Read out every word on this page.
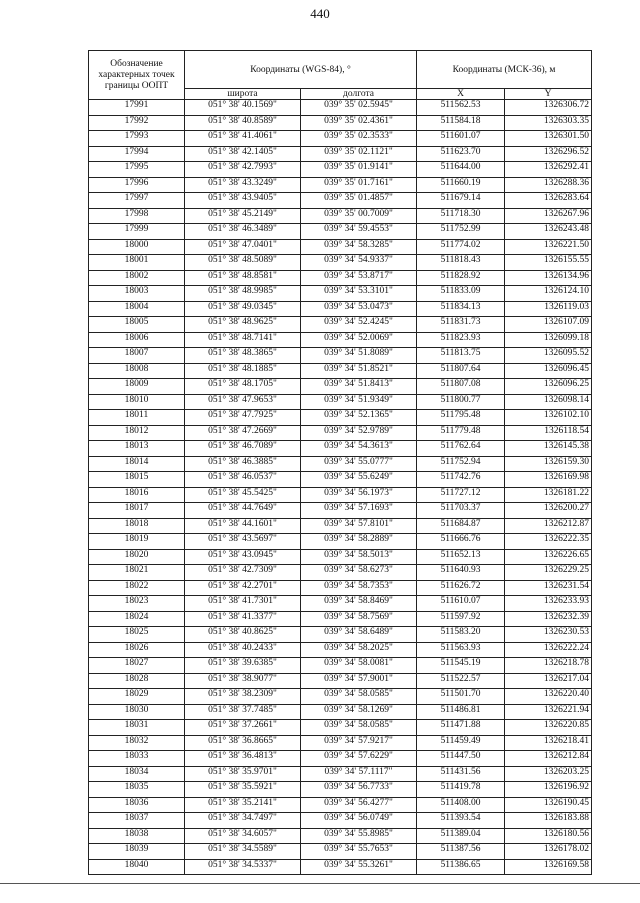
440
Обозначение характерных точек границы ООПТ	Координаты (WGS-84), °		Координаты (МСК-36), м	
	широта	долгота	X	Y
17991	051° 38' 40.1569"	039° 35' 02.5945"	511562.53	1326306.72
17992	051° 38' 40.8589"	039° 35' 02.4361"	511584.18	1326303.35
17993	051° 38' 41.4061"	039° 35' 02.3533"	511601.07	1326301.50
17994	051° 38' 42.1405"	039° 35' 02.1121"	511623.70	1326296.52
17995	051° 38' 42.7993"	039° 35' 01.9141"	511644.00	1326292.41
17996	051° 38' 43.3249"	039° 35' 01.7161"	511660.19	1326288.36
17997	051° 38' 43.9405"	039° 35' 01.4857"	511679.14	1326283.64
17998	051° 38' 45.2149"	039° 35' 00.7009"	511718.30	1326267.96
17999	051° 38' 46.3489"	039° 34' 59.4553"	511752.99	1326243.48
18000	051° 38' 47.0401"	039° 34' 58.3285"	511774.02	1326221.50
18001	051° 38' 48.5089"	039° 34' 54.9337"	511818.43	1326155.55
18002	051° 38' 48.8581"	039° 34' 53.8717"	511828.92	1326134.96
18003	051° 38' 48.9985"	039° 34' 53.3101"	511833.09	1326124.10
18004	051° 38' 49.0345"	039° 34' 53.0473"	511834.13	1326119.03
18005	051° 38' 48.9625"	039° 34' 52.4245"	511831.73	1326107.09
18006	051° 38' 48.7141"	039° 34' 52.0069"	511823.93	1326099.18
18007	051° 38' 48.3865"	039° 34' 51.8089"	511813.75	1326095.52
18008	051° 38' 48.1885"	039° 34' 51.8521"	511807.64	1326096.45
18009	051° 38' 48.1705"	039° 34' 51.8413"	511807.08	1326096.25
18010	051° 38' 47.9653"	039° 34' 51.9349"	511800.77	1326098.14
18011	051° 38' 47.7925"	039° 34' 52.1365"	511795.48	1326102.10
18012	051° 38' 47.2669"	039° 34' 52.9789"	511779.48	1326118.54
18013	051° 38' 46.7089"	039° 34' 54.3613"	511762.64	1326145.38
18014	051° 38' 46.3885"	039° 34' 55.0777"	511752.94	1326159.30
18015	051° 38' 46.0537"	039° 34' 55.6249"	511742.76	1326169.98
18016	051° 38' 45.5425"	039° 34' 56.1973"	511727.12	1326181.22
18017	051° 38' 44.7649"	039° 34' 57.1693"	511703.37	1326200.27
18018	051° 38' 44.1601"	039° 34' 57.8101"	511684.87	1326212.87
18019	051° 38' 43.5697"	039° 34' 58.2889"	511666.76	1326222.35
18020	051° 38' 43.0945"	039° 34' 58.5013"	511652.13	1326226.65
18021	051° 38' 42.7309"	039° 34' 58.6273"	511640.93	1326229.25
18022	051° 38' 42.2701"	039° 34' 58.7353"	511626.72	1326231.54
18023	051° 38' 41.7301"	039° 34' 58.8469"	511610.07	1326233.93
18024	051° 38' 41.3377"	039° 34' 58.7569"	511597.92	1326232.39
18025	051° 38' 40.8625"	039° 34' 58.6489"	511583.20	1326230.53
18026	051° 38' 40.2433"	039° 34' 58.2025"	511563.93	1326222.24
18027	051° 38' 39.6385"	039° 34' 58.0081"	511545.19	1326218.78
18028	051° 38' 38.9077"	039° 34' 57.9001"	511522.57	1326217.04
18029	051° 38' 38.2309"	039° 34' 58.0585"	511501.70	1326220.40
18030	051° 38' 37.7485"	039° 34' 58.1269"	511486.81	1326221.94
18031	051° 38' 37.2661"	039° 34' 58.0585"	511471.88	1326220.85
18032	051° 38' 36.8665"	039° 34' 57.9217"	511459.49	1326218.41
18033	051° 38' 36.4813"	039° 34' 57.6229"	511447.50	1326212.84
18034	051° 38' 35.9701"	039° 34' 57.1117"	511431.56	1326203.25
18035	051° 38' 35.5921"	039° 34' 56.7733"	511419.78	1326196.92
18036	051° 38' 35.2141"	039° 34' 56.4277"	511408.00	1326190.45
18037	051° 38' 34.7497"	039° 34' 56.0749"	511393.54	1326183.88
18038	051° 38' 34.6057"	039° 34' 55.8985"	511389.04	1326180.56
18039	051° 38' 34.5589"	039° 34' 55.7653"	511387.56	1326178.02
18040	051° 38' 34.5337"	039° 34' 55.3261"	511386.65	1326169.58
